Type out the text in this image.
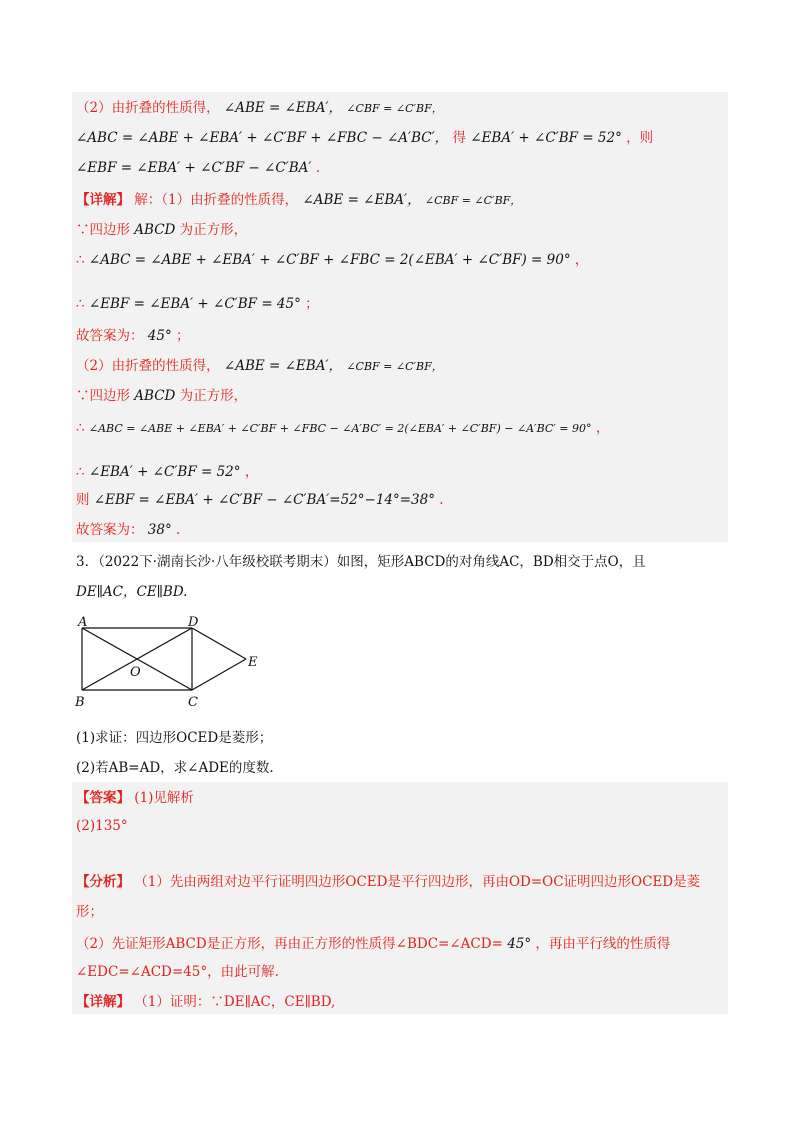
（2）由折叠的性质得， ∠ABE = ∠EBA′， ∠CBF = ∠C′BF，
∠ABC = ∠ABE + ∠EBA′ + ∠C′BF + ∠FBC − ∠A′BC′， 得 ∠EBA′ + ∠C′BF = 52° ，则
∠EBF = ∠EBA′ + ∠C′BF − ∠C′BA′ .
【详解】 解：（1）由折叠的性质得， ∠ABE = ∠EBA′， ∠CBF = ∠C′BF，
∵四边形 ABCD 为正方形，
∴ ∠ABC = ∠ABE + ∠EBA′ + ∠C′BF + ∠FBC = 2(∠EBA′ + ∠C′BF) = 90° ，
∴ ∠EBF = ∠EBA′ + ∠C′BF = 45° ；
故答案为： 45° ；
（2）由折叠的性质得， ∠ABE = ∠EBA′， ∠CBF = ∠C′BF，
∵四边形 ABCD 为正方形，
∴ ∠ABC = ∠ABE + ∠EBA′ + ∠C′BF + ∠FBC − ∠A′BC′ = 2(∠EBA′ + ∠C′BF) − ∠A′BC′ = 90° ，
∴ ∠EBA′ + ∠C′BF = 52° ，
则 ∠EBF = ∠EBA′ + ∠C′BF − ∠C′BA′=52°−14°=38° .
故答案为： 38° .
3．（2022下·湖南长沙·八年级校联考期末）如图，矩形ABCD的对角线AC，BD相交于点O，且
DE∥AC，CE∥BD.
A	D
E
O
B	C
(1)求证：四边形OCED是菱形；
(2)若AB=AD，求∠ADE的度数.
【答案】 (1)见解析
(2)135°
【分析】 （1）先由两组对边平行证明四边形OCED是平行四边形，再由OD=OC证明四边形OCED是菱
形；
（2）先证矩形ABCD是正方形，再由正方形的性质得∠BDC=∠ACD= 45° ，再由平行线的性质得
∠EDC=∠ACD=45°，由此可解.
【详解】 （1）证明：∵DE∥AC，CE∥BD,
